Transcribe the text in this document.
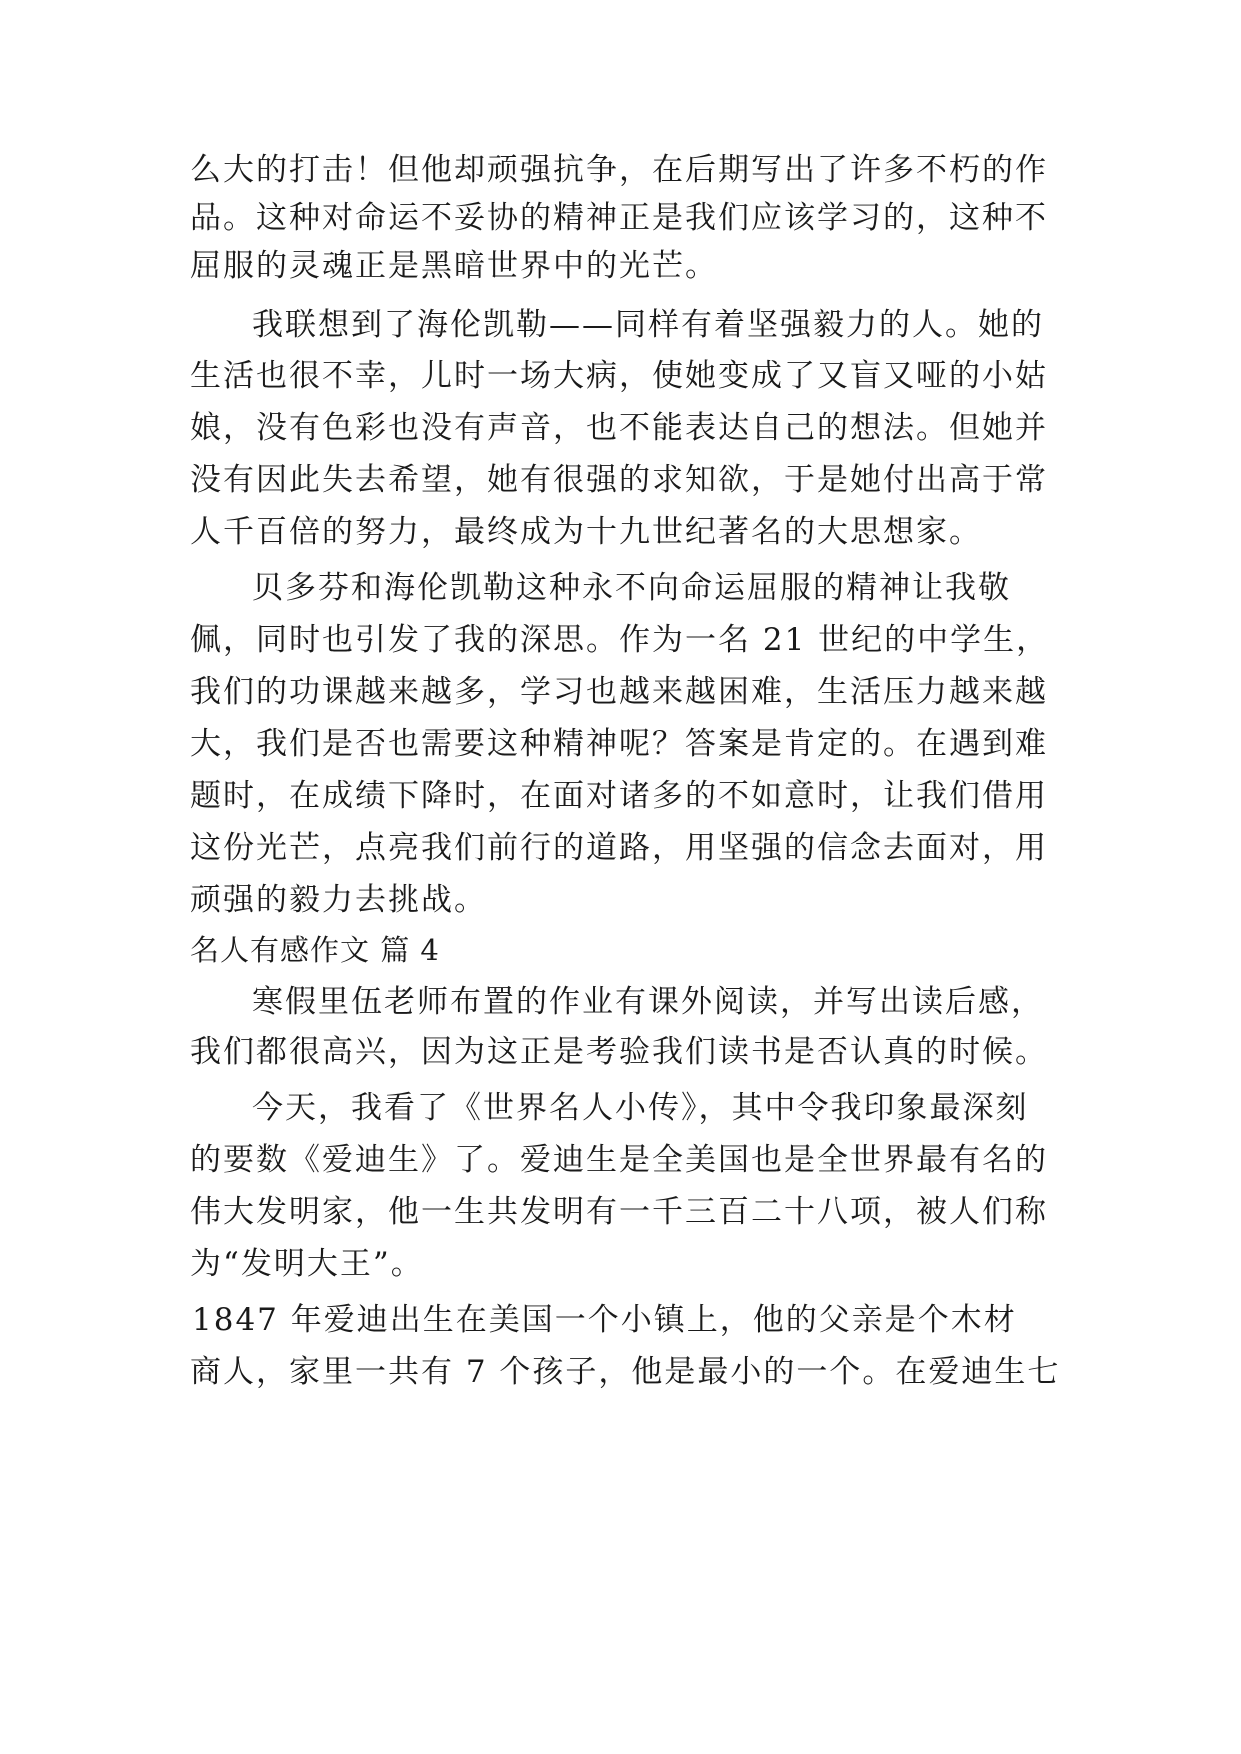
么大的打击！但他却顽强抗争，在后期写出了许多不朽的作
品。这种对命运不妥协的精神正是我们应该学习的，这种不
屈服的灵魂正是黑暗世界中的光芒。
我联想到了海伦凯勒——同样有着坚强毅力的人。她的
生活也很不幸，儿时一场大病，使她变成了又盲又哑的小姑
娘，没有色彩也没有声音，也不能表达自己的想法。但她并
没有因此失去希望，她有很强的求知欲，于是她付出高于常
人千百倍的努力，最终成为十九世纪著名的大思想家。
贝多芬和海伦凯勒这种永不向命运屈服的精神让我敬
佩，同时也引发了我的深思。作为一名 21 世纪的中学生，
我们的功课越来越多，学习也越来越困难，生活压力越来越
大，我们是否也需要这种精神呢？答案是肯定的。在遇到难
题时，在成绩下降时，在面对诸多的不如意时，让我们借用
这份光芒，点亮我们前行的道路，用坚强的信念去面对，用
顽强的毅力去挑战。
名人有感作文 篇 4
寒假里伍老师布置的作业有课外阅读，并写出读后感，
我们都很高兴，因为这正是考验我们读书是否认真的时候。
今天，我看了《世界名人小传》，其中令我印象最深刻
的要数《爱迪生》了。爱迪生是全美国也是全世界最有名的
伟大发明家，他一生共发明有一千三百二十八项，被人们称
为“发明大王”。
1847 年爱迪出生在美国一个小镇上，他的父亲是个木材
商人，家里一共有 7 个孩子，他是最小的一个。在爱迪生七
